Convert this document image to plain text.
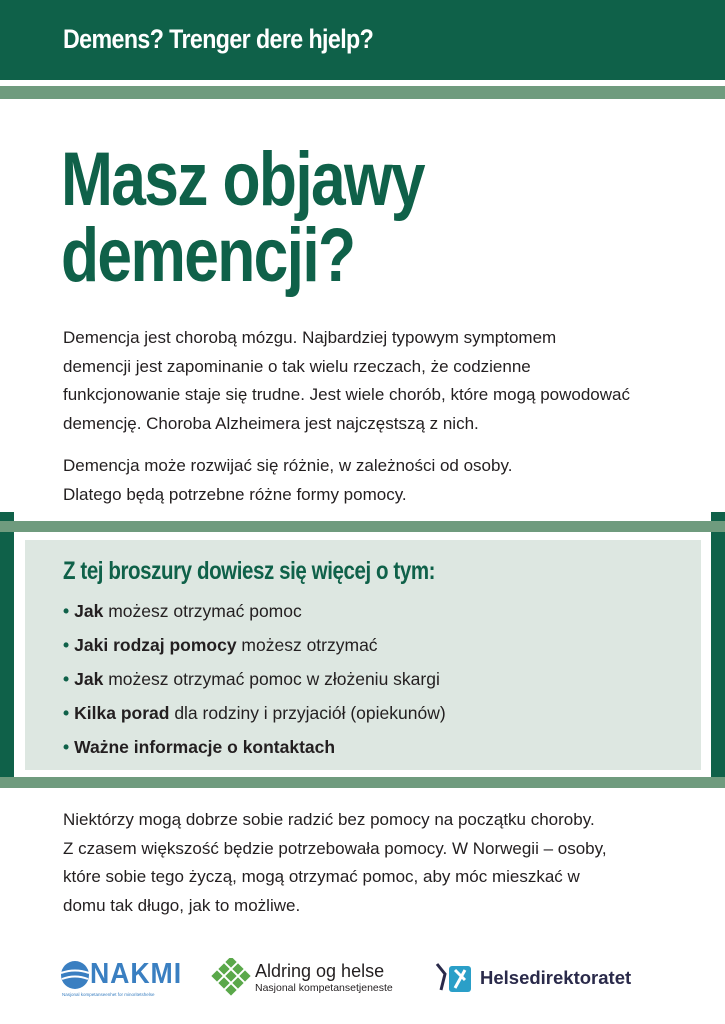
Demens? Trenger dere hjelp?
Masz objawy
demencji?

Demencja jest chorobą mózgu. Najbardziej typowym symptomem
demencji jest zapominanie o tak wielu rzeczach, że codzienne
funkcjonowanie staje się trudne. Jest wiele chorób, które mogą powodować
demencję. Choroba Alzheimera jest najczęstszą z nich.

Demencja może rozwijać się różnie, w zależności od osoby.
Dlatego będą potrzebne różne formy pomocy.

Z tej broszury dowiesz się więcej o tym:
• Jak możesz otrzymać pomoc
• Jaki rodzaj pomocy możesz otrzymać
• Jak możesz otrzymać pomoc w złożeniu skargi
• Kilka porad dla rodziny i przyjaciół (opiekunów)
• Ważne informacje o kontaktach

Niektórzy mogą dobrze sobie radzić bez pomocy na początku choroby.
Z czasem większość będzie potrzebowała pomocy. W Norwegii – osoby,
które sobie tego życzą, mogą otrzymać pomoc, aby móc mieszkać w
domu tak długo, jak to możliwe.

NAKMI
Nasjonal kompetanseenhet for minoritetshelse
Aldring og helse
Nasjonal kompetansetjeneste	Helsedirektoratet
